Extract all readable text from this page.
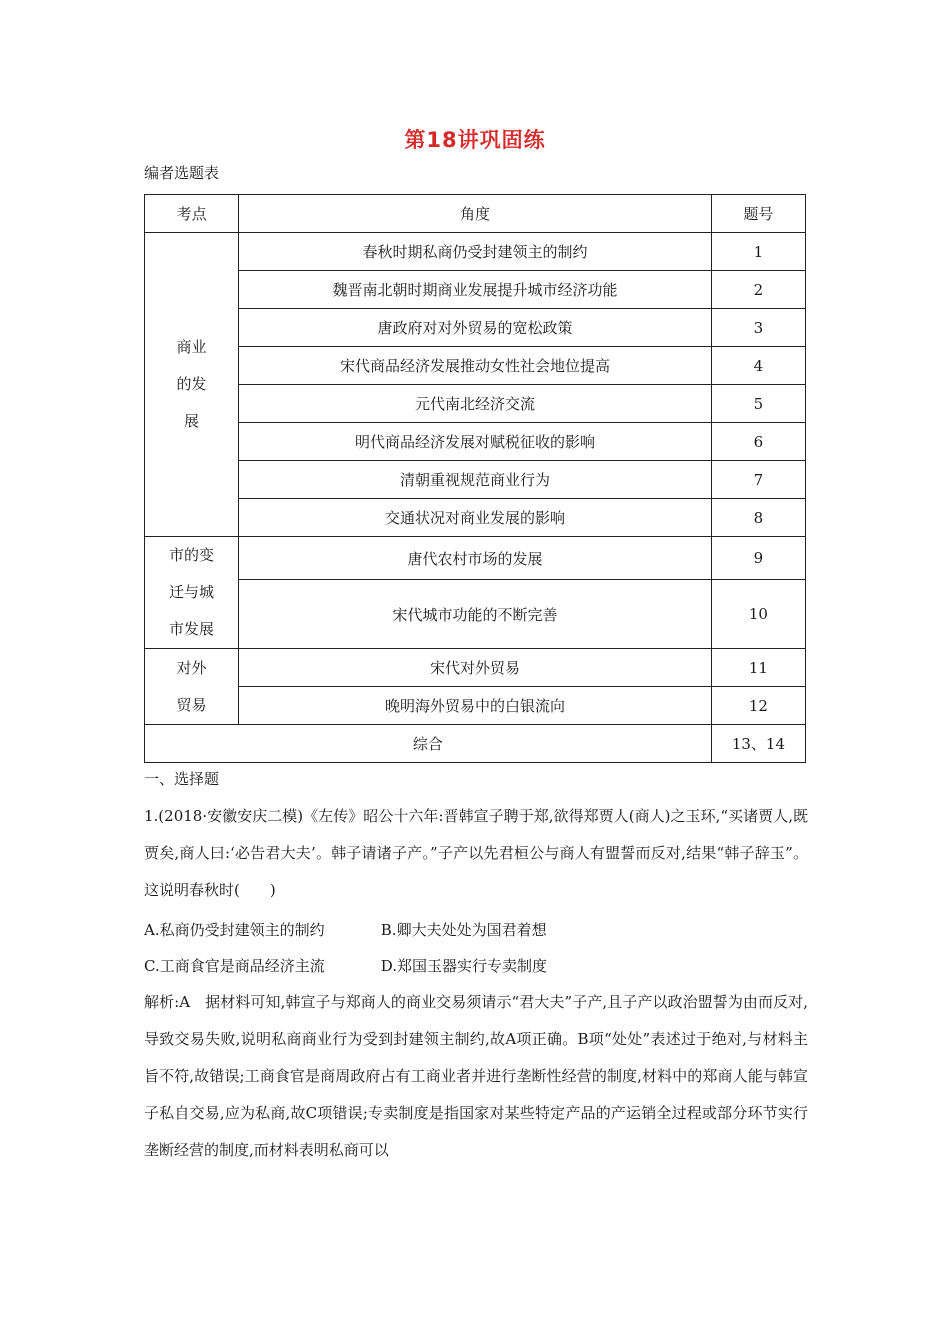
第18讲巩固练
编者选题表
考点	角度	题号
商业的发展	春秋时期私商仍受封建领主的制约	1
	魏晋南北朝时期商业发展提升城市经济功能	2
	唐政府对对外贸易的宽松政策	3
	宋代商品经济发展推动女性社会地位提高	4
	元代南北经济交流	5
	明代商品经济发展对赋税征收的影响	6
	清朝重视规范商业行为	7
	交通状况对商业发展的影响	8
市的变迁与城市发展	唐代农村市场的发展	9
	宋代城市功能的不断完善	10
对外贸易	宋代对外贸易	11
	晚明海外贸易中的白银流向	12
综合		13、14
一、选择题

1.(2018·安徽安庆二模)《左传》昭公十六年:晋韩宣子聘于郑,欲得郑贾人(商人)之玉环,“买诸贾人,既贾矣,商人曰:‘必告君大夫’。韩子请诸子产。”子产以先君桓公与商人有盟誓而反对,结果“韩子辞玉”。这说明春秋时(　　)

A.私商仍受封建领主的制约	B.卿大夫处处为国君着想
C.工商食官是商品经济主流	D.郑国玉器实行专卖制度

解析:A　据材料可知,韩宣子与郑商人的商业交易须请示“君大夫”子产,且子产以政治盟誓为由而反对,导致交易失败,说明私商商业行为受到封建领主制约,故A项正确。B项“处处”表述过于绝对,与材料主旨不符,故错误;工商食官是商周政府占有工商业者并进行垄断性经营的制度,材料中的郑商人能与韩宣子私自交易,应为私商,故C项错误;专卖制度是指国家对某些特定产品的产运销全过程或部分环节实行垄断经营的制度,而材料表明私商可以
